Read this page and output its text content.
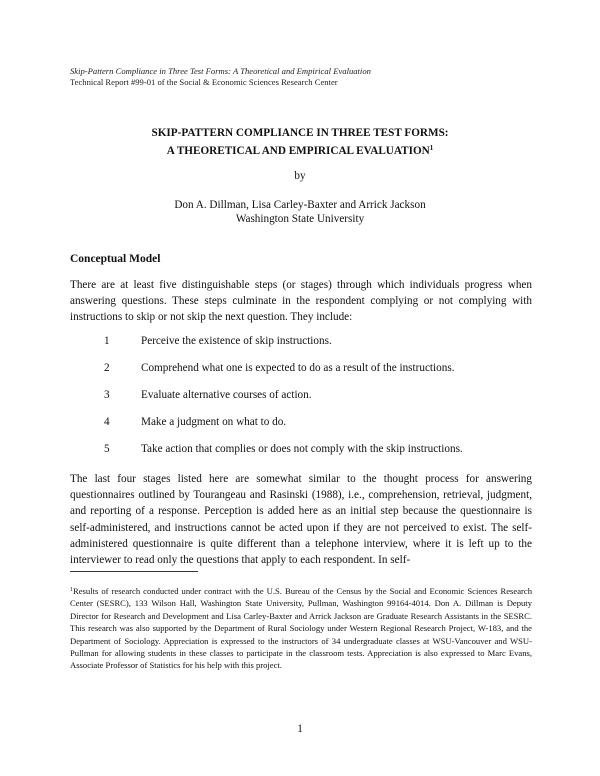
Skip-Pattern Compliance in Three Test Forms: A Theoretical and Empirical Evaluation
Technical Report #99-01 of the Social & Economic Sciences Research Center
SKIP-PATTERN COMPLIANCE IN THREE TEST FORMS:
A THEORETICAL AND EMPIRICAL EVALUATION$^1$
by
Don A. Dillman, Lisa Carley-Baxter and Arrick Jackson
Washington State University
Conceptual Model
There are at least five distinguishable steps (or stages) through which individuals progress when answering questions. These steps culminate in the respondent complying or not complying with instructions to skip or not skip the next question. They include:
1	Perceive the existence of skip instructions.
2	Comprehend what one is expected to do as a result of the instructions.
3	Evaluate alternative courses of action.
4	Make a judgment on what to do.
5	Take action that complies or does not comply with the skip instructions.
The last four stages listed here are somewhat similar to the thought process for answering questionnaires outlined by Tourangeau and Rasinski (1988), i.e., comprehension, retrieval, judgment, and reporting of a response. Perception is added here as an initial step because the questionnaire is self-administered, and instructions cannot be acted upon if they are not perceived to exist. The self-administered questionnaire is quite different than a telephone interview, where it is left up to the interviewer to read only the questions that apply to each respondent. In self-
$^1$Results of research conducted under contract with the U.S. Bureau of the Census by the Social and Economic Sciences Research Center (SESRC), 133 Wilson Hall, Washington State University, Pullman, Washington 99164-4014. Don A. Dillman is Deputy Director for Research and Development and Lisa Carley-Baxter and Arrick Jackson are Graduate Research Assistants in the SESRC. This research was also supported by the Department of Rural Sociology under Western Regional Research Project, W-183, and the Department of Sociology. Appreciation is expressed to the instructors of 34 undergraduate classes at WSU-Vancouver and WSU-Pullman for allowing students in these classes to participate in the classroom tests. Appreciation is also expressed to Marc Evans, Associate Professor of Statistics for his help with this project.
1
